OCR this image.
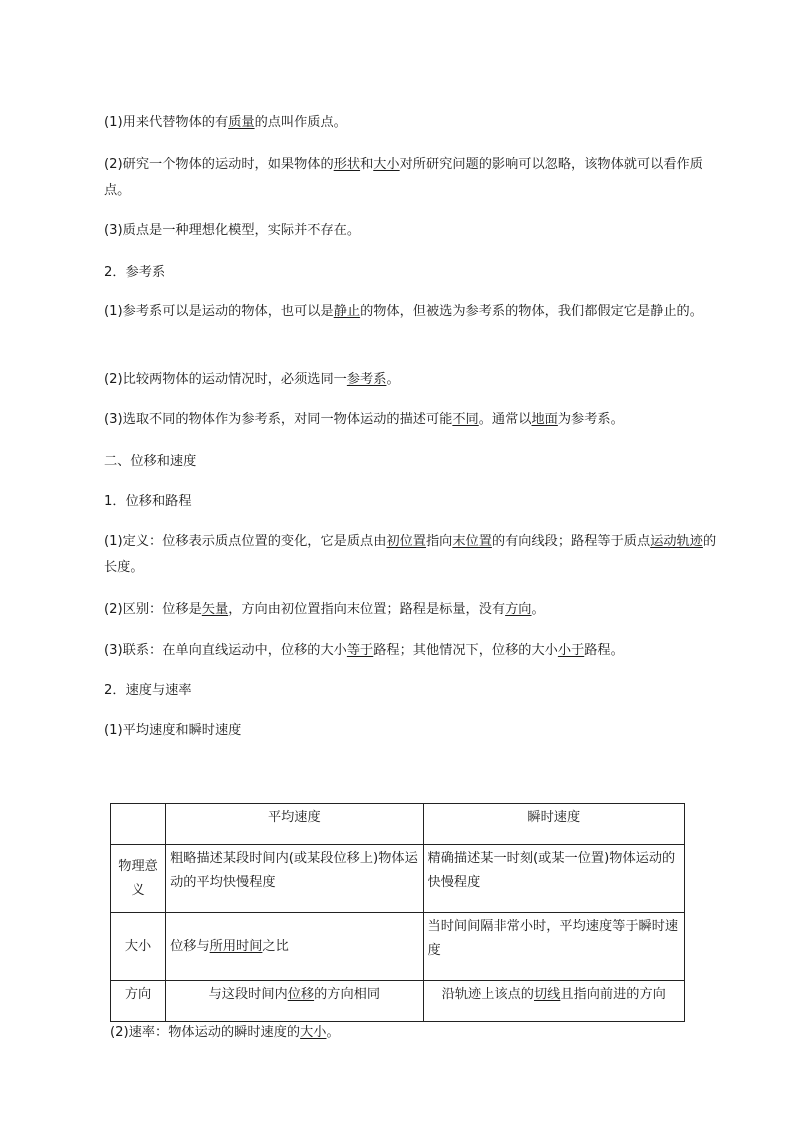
(1)用来代替物体的有质量的点叫作质点。
(2)研究一个物体的运动时，如果物体的形状和大小对所研究问题的影响可以忽略，该物体就可以看作质点。
(3)质点是一种理想化模型，实际并不存在。
2．参考系
(1)参考系可以是运动的物体，也可以是静止的物体，但被选为参考系的物体，我们都假定它是静止的。
(2)比较两物体的运动情况时，必须选同一参考系。
(3)选取不同的物体作为参考系，对同一物体运动的描述可能不同。通常以地面为参考系。
二、位移和速度
1．位移和路程
(1)定义：位移表示质点位置的变化，它是质点由初位置指向末位置的有向线段；路程等于质点运动轨迹的长度。
(2)区别：位移是矢量，方向由初位置指向末位置；路程是标量，没有方向。
(3)联系：在单向直线运动中，位移的大小等于路程；其他情况下，位移的大小小于路程。
2．速度与速率
(1)平均速度和瞬时速度
	平均速度	瞬时速度
物理意义	粗略描述某段时间内(或某段位移上)物体运动的平均快慢程度	精确描述某一时刻(或某一位置)物体运动的快慢程度
大小	位移与所用时间之比	当时间间隔非常小时，平均速度等于瞬时速度
方向	与这段时间内位移的方向相同	沿轨迹上该点的切线且指向前进的方向
(2)速率：物体运动的瞬时速度的大小。
